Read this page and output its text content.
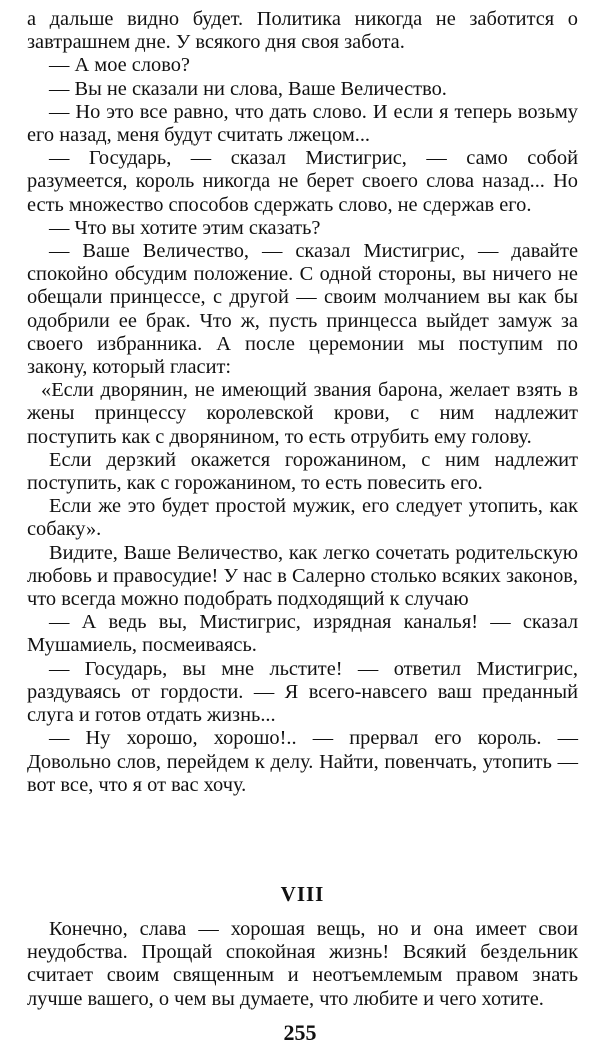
а дальше видно будет. Политика никогда не заботится о завтрашнем дне. У всякого дня своя забота.

— А мое слово?

— Вы не сказали ни слова, Ваше Величество.

— Но это все равно, что дать слово. И если я теперь возьму его назад, меня будут считать лжецом...

— Государь, — сказал Мистигрис, — само собой разумеется, король никогда не берет своего слова назад... Но есть множество способов сдержать слово, не сдержав его.

— Что вы хотите этим сказать?

— Ваше Величество, — сказал Мистигрис, — давайте спокойно обсудим положение. С одной стороны, вы ничего не обещали принцессе, с другой — своим молчанием вы как бы одобрили ее брак. Что ж, пусть принцесса выйдет замуж за своего избранника. А после церемонии мы поступим по закону, который гласит:

«Если дворянин, не имеющий звания барона, желает взять в жены принцессу королевской крови, с ним надлежит поступить как с дворянином, то есть отрубить ему голову.

Если дерзкий окажется горожанином, с ним надлежит поступить, как с горожанином, то есть повесить его.

Если же это будет простой мужик, его следует утопить, как собаку».

Видите, Ваше Величество, как легко сочетать родительскую любовь и правосудие! У нас в Салерно столько всяких законов, что всегда можно подобрать подходящий к случаю

— А ведь вы, Мистигрис, изрядная каналья! — сказал Мушамиель, посмеиваясь.

— Государь, вы мне льстите! — ответил Мистигрис, раздуваясь от гордости. — Я всего-навсего ваш преданный слуга и готов отдать жизнь...

— Ну хорошо, хорошо!.. — прервал его король. — Довольно слов, перейдем к делу. Найти, повенчать, утопить — вот все, что я от вас хочу.

VIII

Конечно, слава — хорошая вещь, но и она имеет свои неудобства. Прощай спокойная жизнь! Всякий бездельник считает своим священным и неотъемлемым правом знать лучше вашего, о чем вы думаете, что любите и чего хотите.

255
